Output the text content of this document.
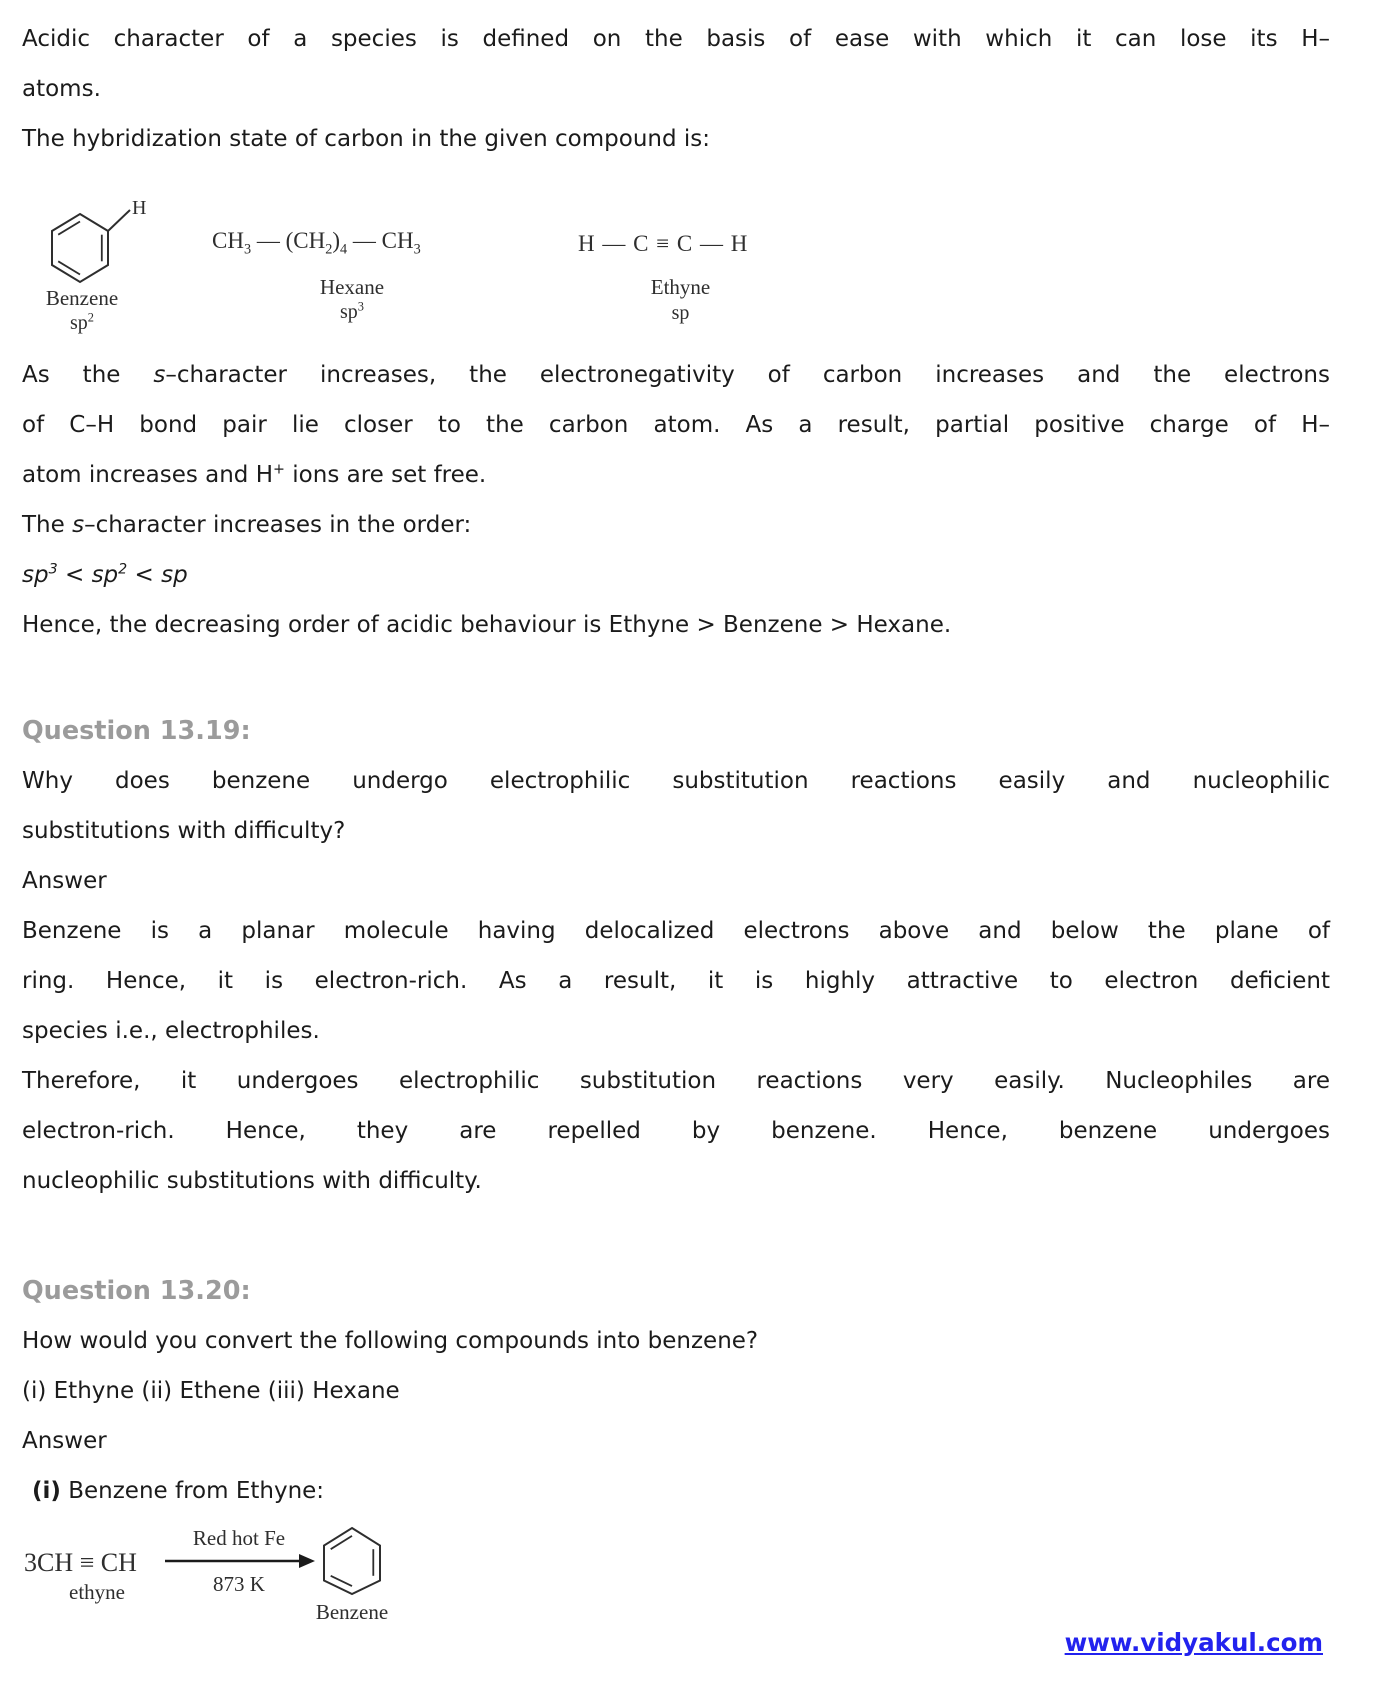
Acidic character of a species is defined on the basis of ease with which it can lose its H–
atoms.
The hybridization state of carbon in the given compound is:
H
Benzene
$sp^2$
$CH_3$ — $(CH_2)_4$ — $CH_3$
Hexane
$sp^3$
H — C ≡ C — H
Ethyne
sp
As the s–character increases, the electronegativity of carbon increases and the electrons
of C–H bond pair lie closer to the carbon atom. As a result, partial positive charge of H–
atom increases and H+ ions are set free.
The s–character increases in the order:
$sp^3 < sp^2$ < sp
Hence, the decreasing order of acidic behaviour is Ethyne > Benzene > Hexane.
Question 13.19:
Why does benzene undergo electrophilic substitution reactions easily and nucleophilic
substitutions with difficulty?
Answer
Benzene is a planar molecule having delocalized electrons above and below the plane of
ring. Hence, it is electron-rich. As a result, it is highly attractive to electron deficient
species i.e., electrophiles.
Therefore, it undergoes electrophilic substitution reactions very easily. Nucleophiles are
electron-rich. Hence, they are repelled by benzene. Hence, benzene undergoes
nucleophilic substitutions with difficulty.
Question 13.20:
How would you convert the following compounds into benzene?
(i) Ethyne (ii) Ethene (iii) Hexane
Answer
(i) Benzene from Ethyne:
3CH ≡ CH
ethyne
Red hot Fe
873 K
Benzene
www.vidyakul.com
